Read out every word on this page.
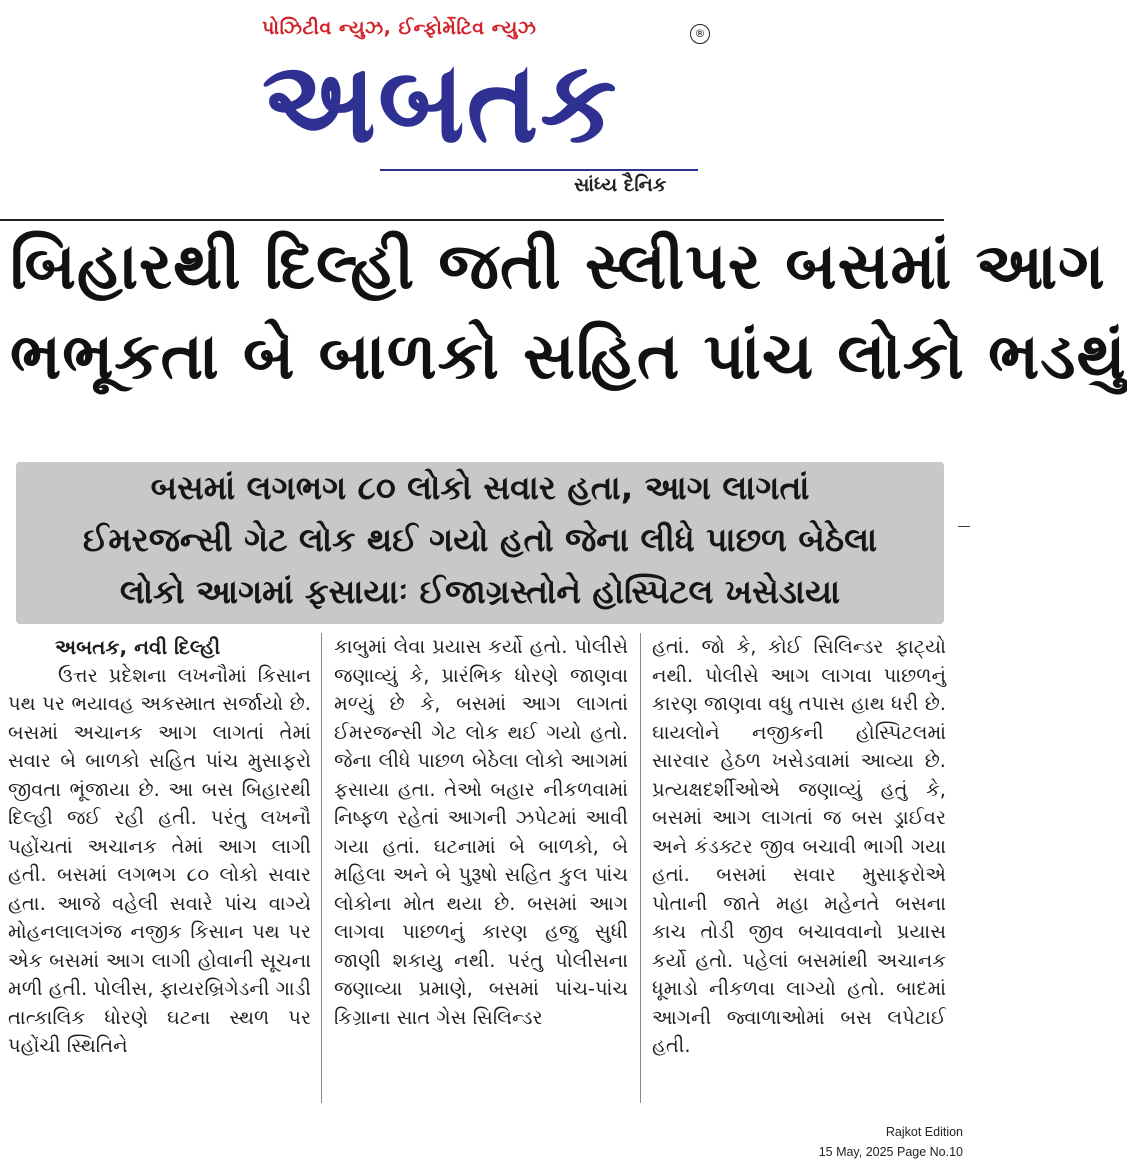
પોઝિટીવ ન્યુઝ, ઈન્ફોર્મેટિવ ન્યુઝ	®
અબતક
સાંધ્ય દૈનિક
બિહારથી દિલ્હી જતી સ્લીપર બસમાં આગ
ભભૂકતા બે બાળકો સહિત પાંચ લોકો ભડથું
બસમાં લગભગ ૮૦ લોકો સવાર હતા, આગ લાગતાં
ઈમરજન્સી ગેટ લોક થઈ ગયો હતો જેના લીધે પાછળ બેઠેલા
લોકો આગમાં ફસાયાઃ ઈજાગ્રસ્તોને હોસ્પિટલ ખસેડાયા
અબતક, નવી દિલ્હી
ઉત્તર પ્રદેશના લખનૌમાં કિસાન પથ પર ભયાવહ અકસ્માત સર્જાયો છે. બસમાં અચાનક આગ લાગતાં તેમાં સવાર બે બાળકો સહિત પાંચ મુસાફરો જીવતા ભૂંજાયા છે. આ બસ બિહારથી દિલ્હી જઈ રહી હતી. પરંતુ લખનૌ પહોંચતાં અચાનક તેમાં આગ લાગી હતી. બસમાં લગભગ ૮૦ લોકો સવાર હતા. આજે વહેલી સવારે પાંચ વાગ્યે મોહનલાલગંજ નજીક કિસાન પથ પર એક બસમાં આગ લાગી હોવાની સૂચના મળી હતી. પોલીસ, ફાયરબ્રિગેડની ગાડી તાત્કાલિક ધોરણે ઘટના સ્થળ પર પહોંચી સ્થિતિને
કાબુમાં લેવા પ્રયાસ કર્યો હતો. પોલીસે જણાવ્યું કે, પ્રારંભિક ધોરણે જાણવા મળ્યું છે કે, બસમાં આગ લાગતાં ઈમરજન્સી ગેટ લોક થઈ ગયો હતો. જેના લીધે પાછળ બેઠેલા લોકો આગમાં ફસાયા હતા. તેઓ બહાર નીકળવામાં નિષ્ફળ રહેતાં આગની ઝપેટમાં આવી ગયા હતાં. ઘટનામાં બે બાળકો, બે મહિલા અને બે પુરૂષો સહિત કુલ પાંચ લોકોના મોત થયા છે. બસમાં આગ લાગવા પાછળનું કારણ હજુ સુધી જાણી શકાયુ નથી. પરંતુ પોલીસના જણાવ્યા પ્રમાણે, બસમાં પાંચ-પાંચ કિગ્રાના સાત ગેસ સિલિન્ડર
હતાં. જો કે, કોઈ સિલિન્ડર ફાટ્યો નથી. પોલીસે આગ લાગવા પાછળનું કારણ જાણવા વધુ તપાસ હાથ ધરી છે. ઘાયલોને નજીકની હોસ્પિટલમાં સારવાર હેઠળ ખસેડવામાં આવ્યા છે. પ્રત્યક્ષદર્શીઓએ જણાવ્યું હતું કે, બસમાં આગ લાગતાં જ બસ ડ્રાઈવર અને કંડક્ટર જીવ બચાવી ભાગી ગયા હતાં. બસમાં સવાર મુસાફરોએ પોતાની જાતે મહા મહેનતે બસના કાચ તોડી જીવ બચાવવાનો પ્રયાસ કર્યો હતો. પહેલાં બસમાંથી અચાનક ધૂમાડો નીકળવા લાગ્યો હતો. બાદમાં આગની જ્વાળાઓમાં બસ લપેટાઈ હતી.
Rajkot Edition
15 May, 2025 Page No.10
